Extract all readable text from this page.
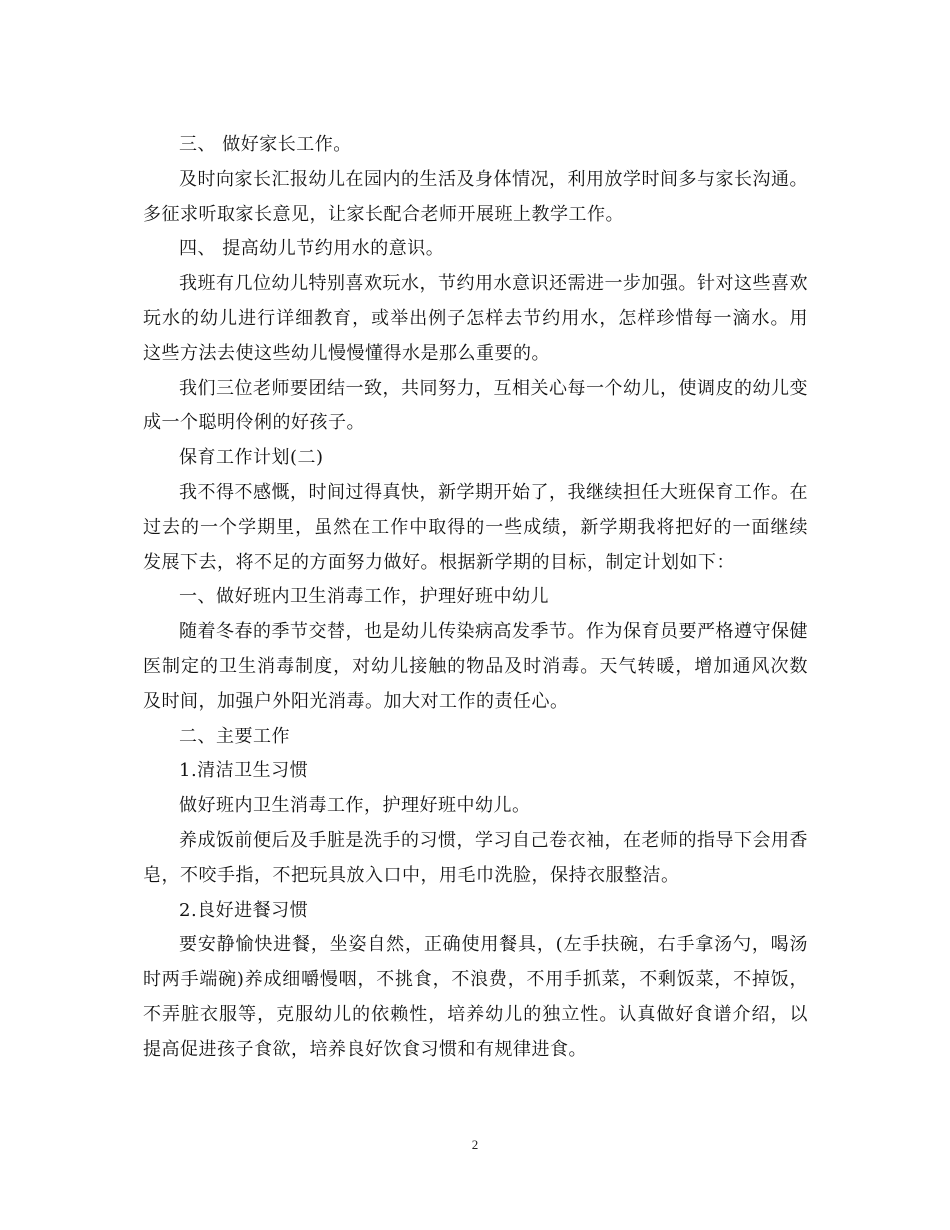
三、 做好家长工作。

及时向家长汇报幼儿在园内的生活及身体情况，利用放学时间多与家长沟通。多征求听取家长意见，让家长配合老师开展班上教学工作。

四、 提高幼儿节约用水的意识。

我班有几位幼儿特别喜欢玩水，节约用水意识还需进一步加强。针对这些喜欢玩水的幼儿进行详细教育，或举出例子怎样去节约用水，怎样珍惜每一滴水。用这些方法去使这些幼儿慢慢懂得水是那么重要的。

我们三位老师要团结一致，共同努力，互相关心每一个幼儿，使调皮的幼儿变成一个聪明伶俐的好孩子。

保育工作计划(二)

我不得不感慨，时间过得真快，新学期开始了，我继续担任大班保育工作。在过去的一个学期里，虽然在工作中取得的一些成绩，新学期我将把好的一面继续发展下去，将不足的方面努力做好。根据新学期的目标，制定计划如下：

一、做好班内卫生消毒工作，护理好班中幼儿

随着冬春的季节交替，也是幼儿传染病高发季节。作为保育员要严格遵守保健医制定的卫生消毒制度，对幼儿接触的物品及时消毒。天气转暖，增加通风次数及时间，加强户外阳光消毒。加大对工作的责任心。

二、主要工作

1.清洁卫生习惯

做好班内卫生消毒工作，护理好班中幼儿。

养成饭前便后及手脏是洗手的习惯，学习自己卷衣袖，在老师的指导下会用香皂，不咬手指，不把玩具放入口中，用毛巾洗脸，保持衣服整洁。

2.良好进餐习惯

要安静愉快进餐，坐姿自然，正确使用餐具，(左手扶碗，右手拿汤勺，喝汤时两手端碗)养成细嚼慢咽，不挑食，不浪费，不用手抓菜，不剩饭菜，不掉饭，不弄脏衣服等，克服幼儿的依赖性，培养幼儿的独立性。认真做好食谱介绍，以提高促进孩子食欲，培养良好饮食习惯和有规律进食。

2
